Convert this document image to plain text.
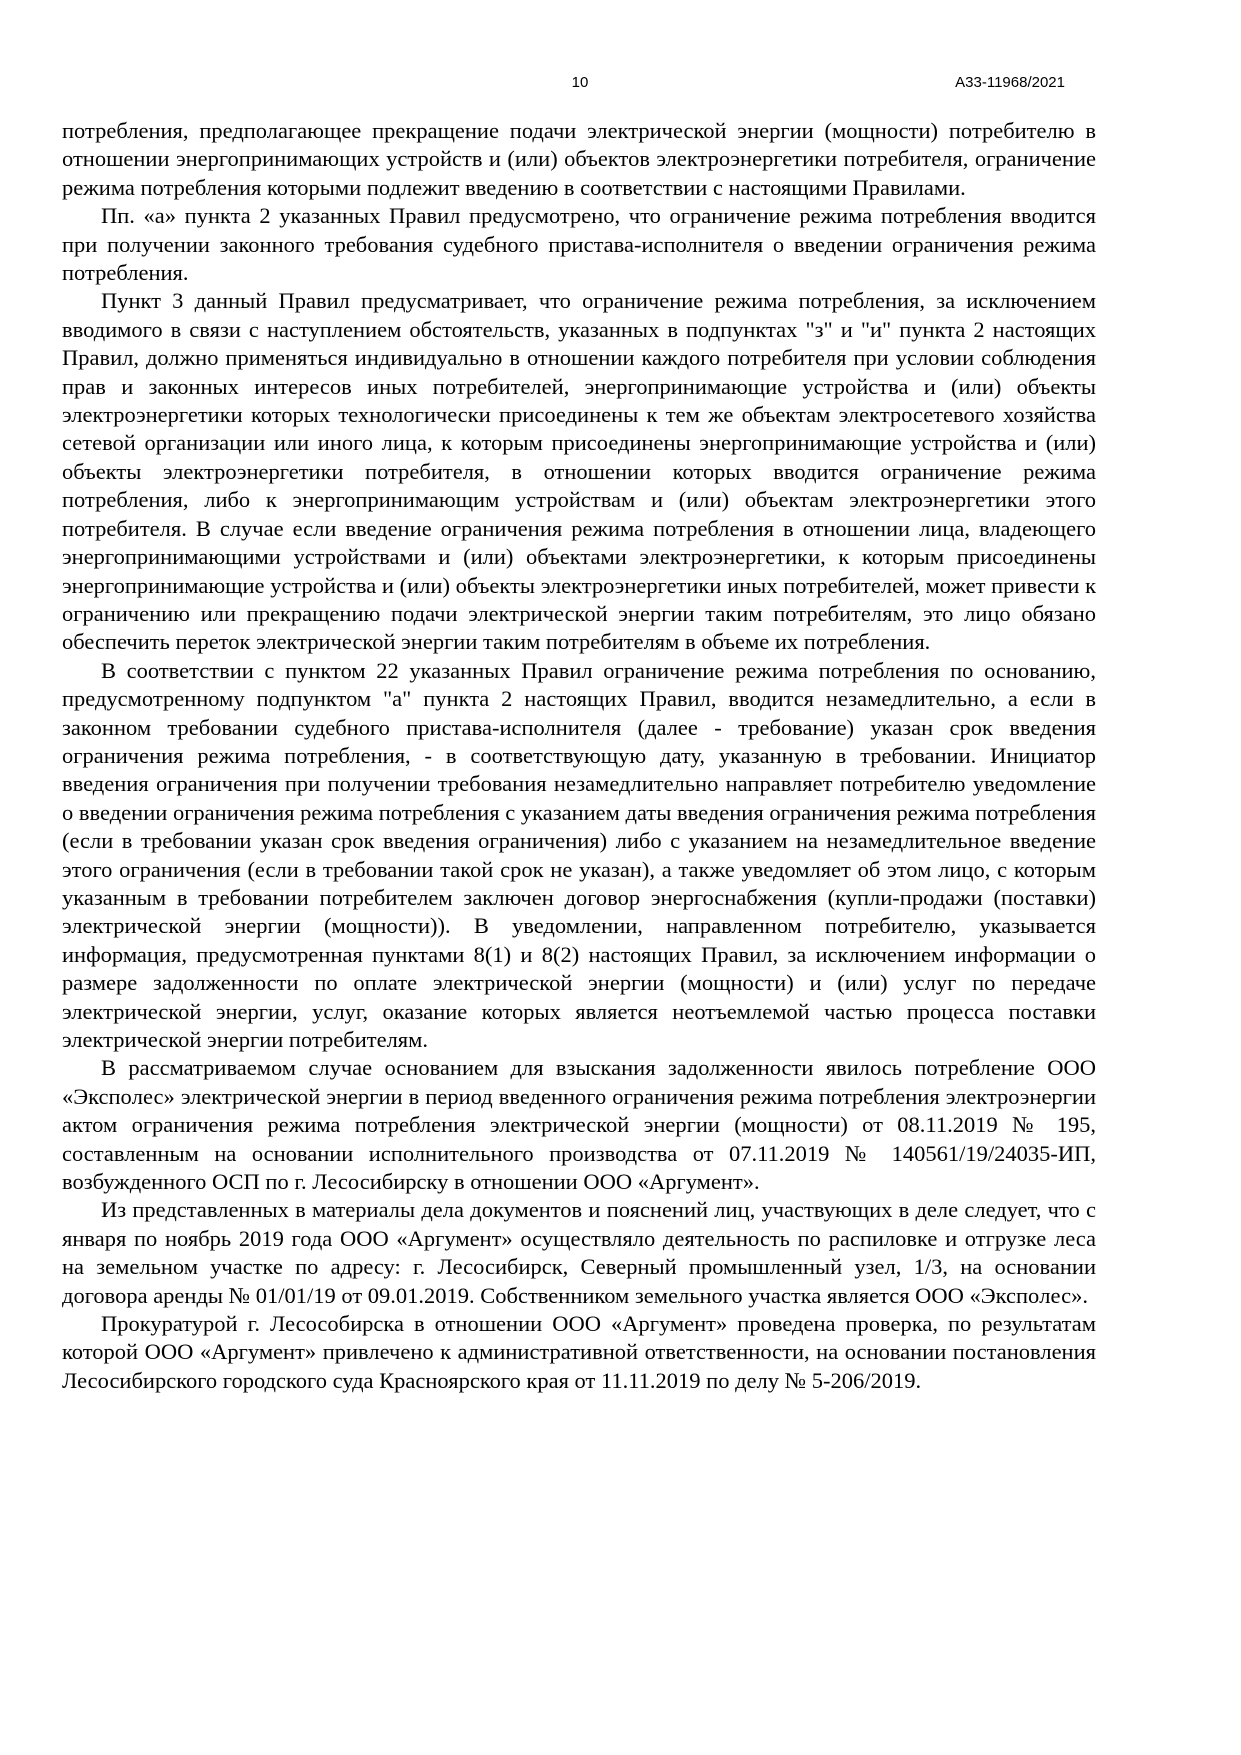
10	А33-11968/2021

потребления, предполагающее прекращение подачи электрической энергии (мощности) потребителю в отношении энергопринимающих устройств и (или) объектов электроэнергетики потребителя, ограничение режима потребления которыми подлежит введению в соответствии с настоящими Правилами.

Пп. «а» пункта 2 указанных Правил предусмотрено, что ограничение режима потребления вводится при получении законного требования судебного пристава-исполнителя о введении ограничения режима потребления.

Пункт 3 данный Правил предусматривает, что ограничение режима потребления, за исключением вводимого в связи с наступлением обстоятельств, указанных в подпунктах "з" и "и" пункта 2 настоящих Правил, должно применяться индивидуально в отношении каждого потребителя при условии соблюдения прав и законных интересов иных потребителей, энергопринимающие устройства и (или) объекты электроэнергетики которых технологически присоединены к тем же объектам электросетевого хозяйства сетевой организации или иного лица, к которым присоединены энергопринимающие устройства и (или) объекты электроэнергетики потребителя, в отношении которых вводится ограничение режима потребления, либо к энергопринимающим устройствам и (или) объектам электроэнергетики этого потребителя. В случае если введение ограничения режима потребления в отношении лица, владеющего энергопринимающими устройствами и (или) объектами электроэнергетики, к которым присоединены энергопринимающие устройства и (или) объекты электроэнергетики иных потребителей, может привести к ограничению или прекращению подачи электрической энергии таким потребителям, это лицо обязано обеспечить переток электрической энергии таким потребителям в объеме их потребления.

В соответствии с пунктом 22 указанных Правил ограничение режима потребления по основанию, предусмотренному подпунктом "а" пункта 2 настоящих Правил, вводится незамедлительно, а если в законном требовании судебного пристава-исполнителя (далее - требование) указан срок введения ограничения режима потребления, - в соответствующую дату, указанную в требовании. Инициатор введения ограничения при получении требования незамедлительно направляет потребителю уведомление о введении ограничения режима потребления с указанием даты введения ограничения режима потребления (если в требовании указан срок введения ограничения) либо с указанием на незамедлительное введение этого ограничения (если в требовании такой срок не указан), а также уведомляет об этом лицо, с которым указанным в требовании потребителем заключен договор энергоснабжения (купли-продажи (поставки) электрической энергии (мощности)). В уведомлении, направленном потребителю, указывается информация, предусмотренная пунктами 8(1) и 8(2) настоящих Правил, за исключением информации о размере задолженности по оплате электрической энергии (мощности) и (или) услуг по передаче электрической энергии, услуг, оказание которых является неотъемлемой частью процесса поставки электрической энергии потребителям.

В рассматриваемом случае основанием для взыскания задолженности явилось потребление ООО «Экспoлес» электрической энергии в период введенного ограничения режима потребления электроэнергии актом ограничения режима потребления электрической энергии (мощности) от 08.11.2019 № 195, составленным на основании исполнительного производства от 07.11.2019 № 140561/19/24035-ИП, возбужденного ОСП по г. Лесосибирску в отношении ООО «Аргумент».

Из представленных в материалы дела документов и пояснений лиц, участвующих в деле следует, что с января по ноябрь 2019 года ООО «Аргумент» осуществляло деятельность по распиловке и отгрузке леса на земельном участке по адресу: г. Лесосибирск, Северный промышленный узел, 1/3, на основании договора аренды № 01/01/19 от 09.01.2019. Собственником земельного участка является ООО «Экспoлес».

Прокуратурой г. Лесособирска в отношении ООО «Аргумент» проведена проверка, по результатам которой ООО «Аргумент» привлечено к административной ответственности, на основании постановления Лесосибирского городского суда Красноярского края от 11.11.2019 по делу № 5-206/2019.
